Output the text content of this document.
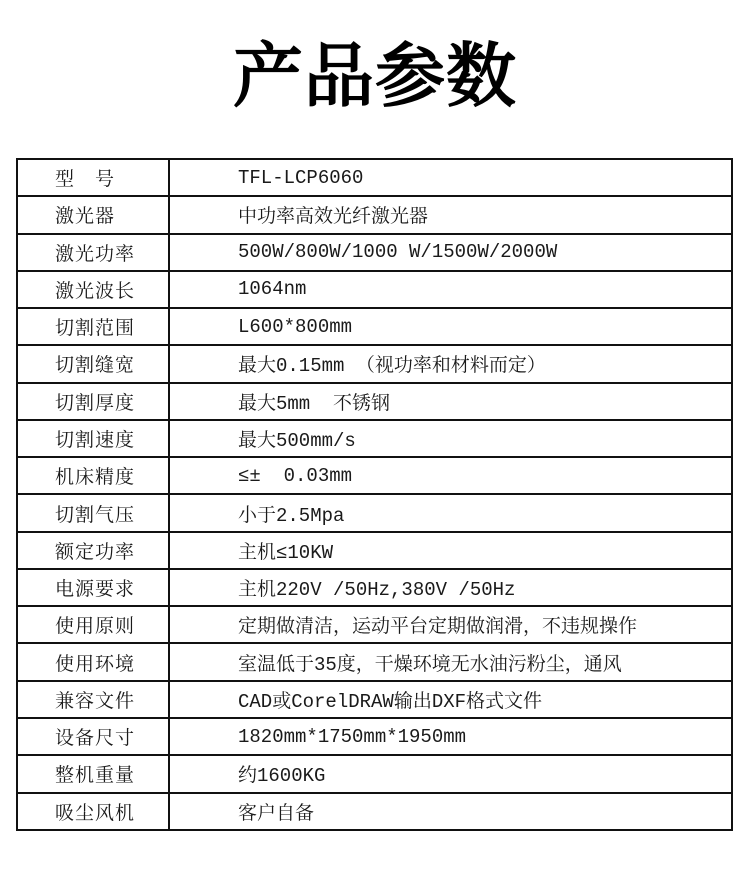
产品参数
型　号	TFL-LCP6060
激光器	中功率高效光纤激光器
激光功率	500W/800W/1000 W/1500W/2000W
激光波长	1064nm
切割范围	L600*800mm
切割缝宽	最大0.15mm （视功率和材料而定）
切割厚度	最大5mm  不锈钢
切割速度	最大500mm/s
机床精度	≤±  0.03mm
切割气压	小于2.5Mpa
额定功率	主机≤10KW
电源要求	主机220V /50Hz,380V /50Hz
使用原则	定期做清洁，运动平台定期做润滑，不违规操作
使用环境	室温低于35度，干燥环境无水油污粉尘，通风
兼容文件	CAD或CorelDRAW输出DXF格式文件
设备尺寸	1820mm*1750mm*1950mm
整机重量	约1600KG
吸尘风机	客户自备
